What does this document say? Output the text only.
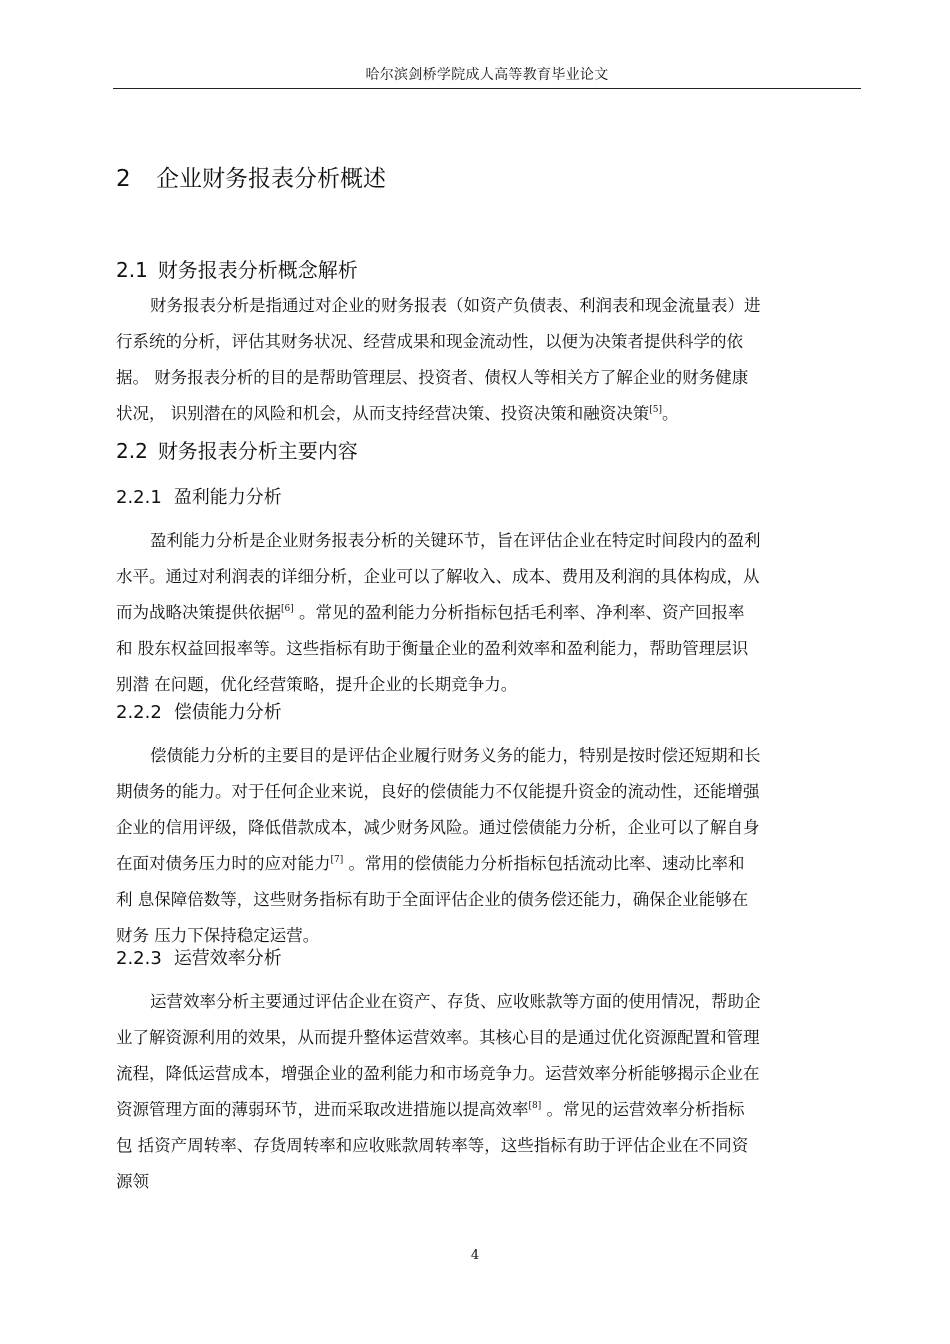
哈尔滨剑桥学院成人高等教育毕业论文
2 企业财务报表分析概述
2.1 财务报表分析概念解析
财务报表分析是指通过对企业的财务报表（如资产负债表、利润表和现金流量表）进
行系统的分析，评估其财务状况、经营成果和现金流动性，以便为决策者提供科学的依
据。 财务报表分析的目的是帮助管理层、投资者、债权人等相关方了解企业的财务健康
状况， 识别潜在的风险和机会，从而支持经营决策、投资决策和融资决策[5]。
2.2 财务报表分析主要内容
2.2.1 盈利能力分析
盈利能力分析是企业财务报表分析的关键环节，旨在评估企业在特定时间段内的盈利
水平。通过对利润表的详细分析，企业可以了解收入、成本、费用及利润的具体构成，从
而为战略决策提供依据[6] 。常见的盈利能力分析指标包括毛利率、净利率、资产回报率
和 股东权益回报率等。这些指标有助于衡量企业的盈利效率和盈利能力，帮助管理层识
别潜 在问题，优化经营策略，提升企业的长期竞争力。
2.2.2 偿债能力分析
偿债能力分析的主要目的是评估企业履行财务义务的能力，特别是按时偿还短期和长
期债务的能力。对于任何企业来说，良好的偿债能力不仅能提升资金的流动性，还能增强
企业的信用评级，降低借款成本，减少财务风险。通过偿债能力分析，企业可以了解自身
在面对债务压力时的应对能力[7] 。常用的偿债能力分析指标包括流动比率、速动比率和
利 息保障倍数等，这些财务指标有助于全面评估企业的债务偿还能力，确保企业能够在
财务 压力下保持稳定运营。
2.2.3 运营效率分析
运营效率分析主要通过评估企业在资产、存货、应收账款等方面的使用情况，帮助企
业了解资源利用的效果，从而提升整体运营效率。其核心目的是通过优化资源配置和管理
流程，降低运营成本，增强企业的盈利能力和市场竞争力。运营效率分析能够揭示企业在
资源管理方面的薄弱环节，进而采取改进措施以提高效率[8] 。常见的运营效率分析指标
包 括资产周转率、存货周转率和应收账款周转率等，这些指标有助于评估企业在不同资
源领
4
